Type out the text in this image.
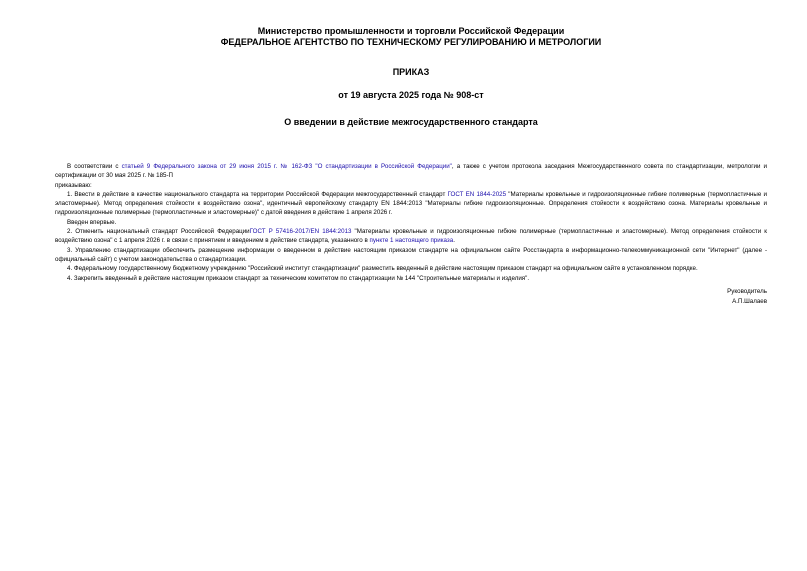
Министерство промышленности и торговли Российской Федерации
ФЕДЕРАЛЬНОЕ АГЕНТСТВО ПО ТЕХНИЧЕСКОМУ РЕГУЛИРОВАНИЮ И МЕТРОЛОГИИ
ПРИКАЗ
от 19 августа 2025 года № 908-ст
О введении в действие межгосударственного стандарта

В соответствии с статьей 9 Федерального закона от 29 июня 2015 г. № 162-ФЗ "О стандартизации в Российской Федерации", а также с учетом протокола заседания Межгосударственного совета по стандартизации, метрологии и сертификации от 30 мая 2025 г. № 185-П

приказываю:

1. Ввести в действие в качестве национального стандарта на территории Российской Федерации межгосударственный стандарт ГОСТ EN 1844-2025 "Материалы кровельные и гидроизоляционные гибкие полимерные (термопластичные и эластомерные). Метод определения стойкости к воздействию озона", идентичный европейскому стандарту EN 1844:2013 "Материалы гибкие гидроизоляционные. Определения стойкости к воздействию озона. Материалы кровельные и гидроизоляционные полимерные (термопластичные и эластомерные)" с датой введения в действие 1 апреля 2026 г.

Введен впервые.

2. Отменить национальный стандарт Российской ФедерацииГОСТ Р 57416-2017/EN 1844:2013 "Материалы кровельные и гидроизоляционные гибкие полимерные (термопластичные и эластомерные). Метод определения стойкости к воздействию озона" с 1 апреля 2026 г. в связи с принятием и введением в действие стандарта, указанного в пункте 1 настоящего приказа.

3. Управлению стандартизации обеспечить размещение информации о введенном в действие настоящим приказом стандарте на официальном сайте Росстандарта в информационно-телекоммуникационной сети "Интернет" (далее - официальный сайт) с учетом законодательства о стандартизации.

4. Федеральному государственному бюджетному учреждению "Российский институт стандартизации" разместить введенный в действие настоящим приказом стандарт на официальном сайте в установленном порядке.

4. Закрепить введенный в действие настоящим приказом стандарт за техническим комитетом по стандартизации № 144 "Строительные материалы и изделия".

Руководитель
А.П.Шалаев
